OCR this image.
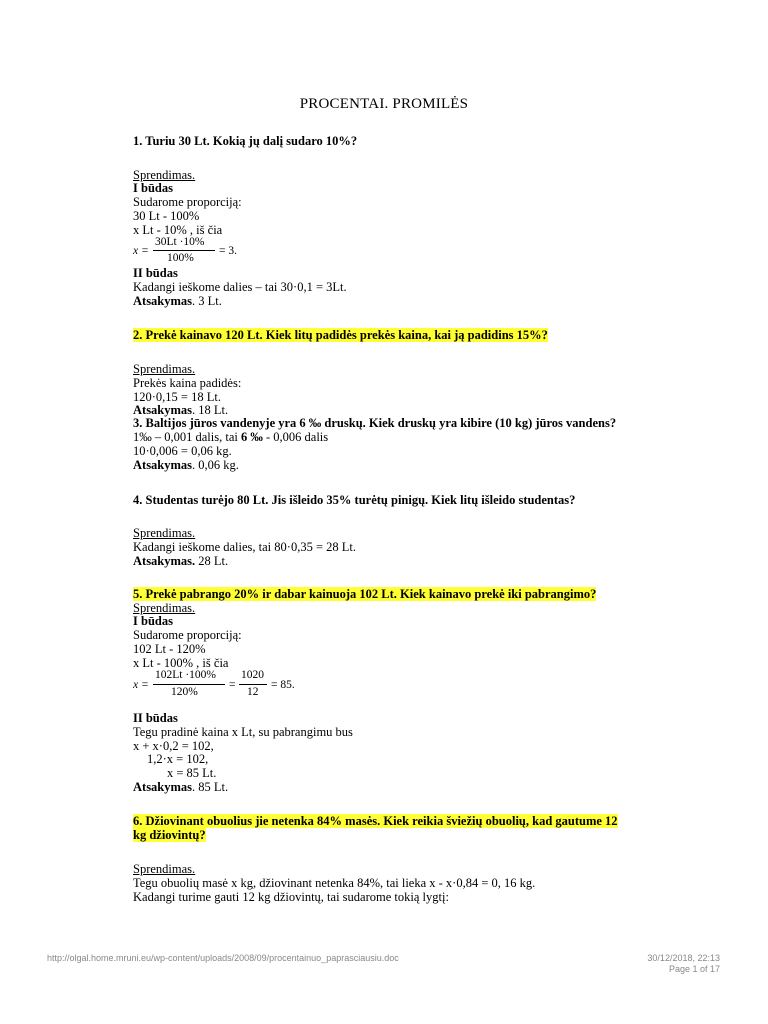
PROCENTAI. PROMILĖS
1. Turiu 30 Lt. Kokią jų dalį sudaro 10%?
Sprendimas.
I būdas
Sudarome proporciją:
30 Lt - 100%
x Lt - 10% , iš čia
x =
30Lt ·10%
100%
= 3.
II būdas
Kadangi ieškome dalies – tai 30·0,1 = 3Lt.
Atsakymas. 3 Lt.
2. Prekė kainavo 120 Lt. Kiek litų padidės prekės kaina, kai ją padidins 15%?
Sprendimas.
Prekės kaina padidės:
120·0,15 = 18 Lt.
Atsakymas. 18 Lt.
3. Baltijos jūros vandenyje yra 6 ‰ druskų. Kiek druskų yra kibire (10 kg) jūros vandens?
1‰ – 0,001 dalis, tai 6 ‰ - 0,006 dalis
10·0,006 = 0,06 kg.
Atsakymas. 0,06 kg.
4. Studentas turėjo 80 Lt. Jis išleido 35% turėtų pinigų. Kiek litų išleido studentas?
Sprendimas.
Kadangi ieškome dalies, tai 80·0,35 = 28 Lt.
Atsakymas. 28 Lt.
5. Prekė pabrango 20% ir dabar kainuoja 102 Lt. Kiek kainavo prekė iki pabrangimo?
Sprendimas.
I būdas
Sudarome proporciją:
102 Lt - 120%
x Lt - 100% , iš čia
x =
102Lt ·100%
120%
=
1020
12
= 85.
II būdas
Tegu pradinė kaina x Lt, su pabrangimu bus
x + x·0,2 = 102,
1,2·x = 102,
x = 85 Lt.
Atsakymas. 85 Lt.
6. Džiovinant obuolius jie netenka 84% masės. Kiek reikia šviežių obuolių, kad gautume 12
kg džiovintų?
Sprendimas.
Tegu obuolių masė x kg, džiovinant netenka 84%, tai lieka x - x·0,84 = 0, 16 kg.
Kadangi turime gauti 12 kg džiovintų, tai sudarome tokią lygtį:
http://olgal.home.mruni.eu/wp-content/uploads/2008/09/procentainuo_paprasciausiu.doc	30/12/2018, 22:13
Page 1 of 17
